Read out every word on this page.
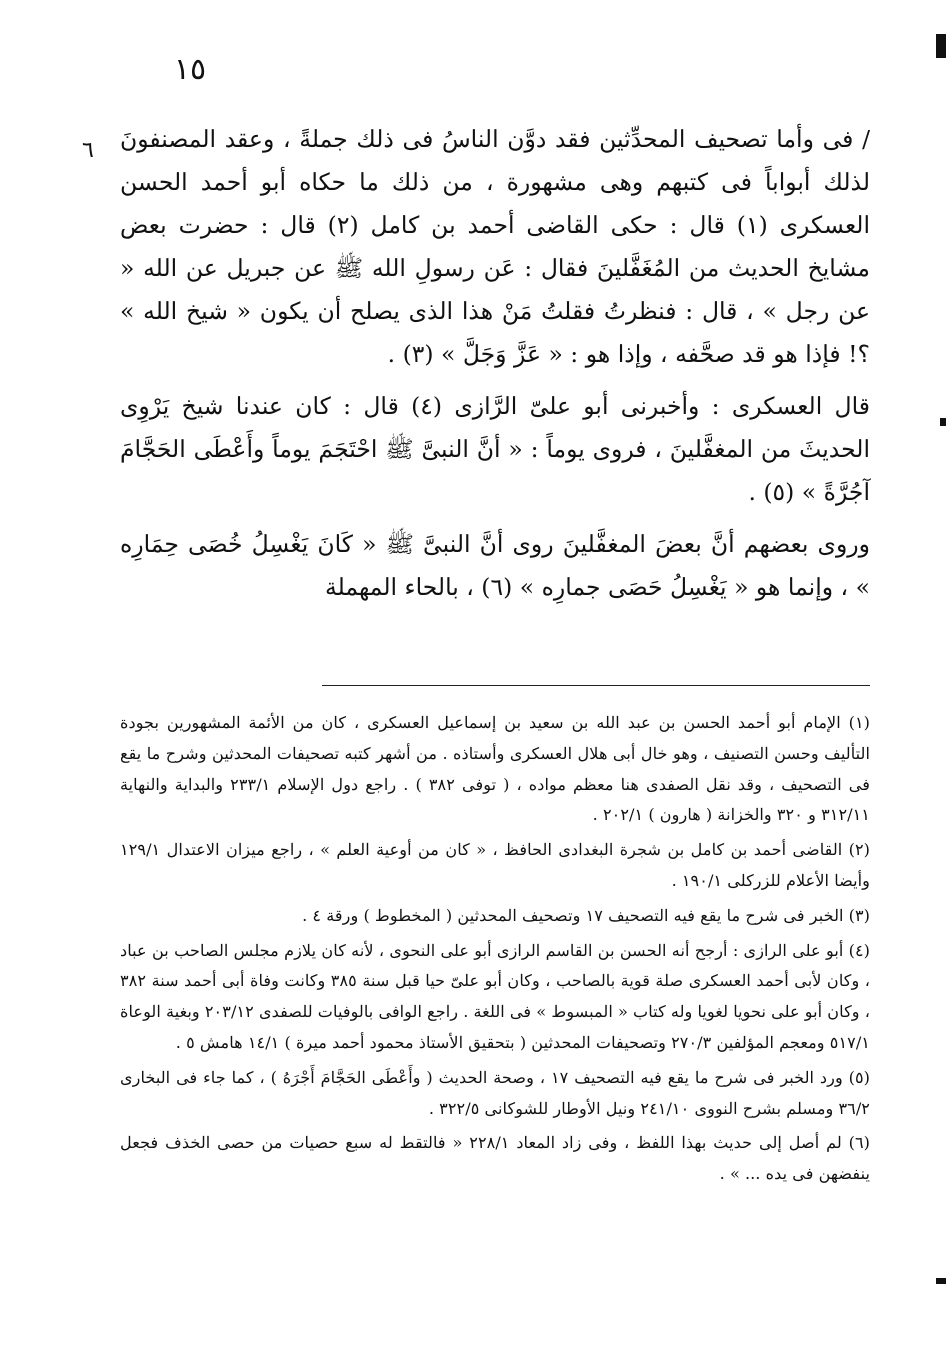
١٥
٦ / فى وأما تصحيف المحدِّثين فقد دوَّن الناسُ فى ذلك جملةً ، وعقد المصنفونَ لذلك أبواباً فى كتبهم وهى مشهورة ، من ذلك ما حكاه أبو أحمد الحسن العسكرى (١) قال : حكى القاضى أحمد بن كامل (٢) قال : حضرت بعض مشايخ الحديث من المُغَفَّلينَ فقال : عَن رسولِ الله ﷺ عن جبريل عن الله « عن رجل » ، قال : فنظرتُ فقلتُ مَنْ هذا الذى يصلح أن يكون « شيخ الله » ؟! فإذا هو قد صحَّفه ، وإذا هو : « عَزَّ وَجَلَّ » (٣) .

قال العسكرى : وأخبرنى أبو علىّ الرَّازى (٤) قال : كان عندنا شيخ يَرْوِى الحديثَ من المغفَّلينَ ، فروى يوماً : « أنَّ النبىَّ ﷺ احْتَجَمَ يوماً وأَعْطَى الحَجَّامَ آجُرَّةً » (٥) .

وروى بعضهم أنَّ بعضَ المغفَّلينَ روى أنَّ النبىَّ ﷺ « كَانَ يَغْسِلُ خُصَى حِمَارِه » ، وإنما هو « يَغْسِلُ حَصَى جمارِه » (٦) ، بالحاء المهملة

(١) الإمام أبو أحمد الحسن بن عبد الله بن سعيد بن إسماعيل العسكرى ، كان من الأئمة المشهورين بجودة التأليف وحسن التصنيف ، وهو خال أبى هلال العسكرى وأستاذه . من أشهر كتبه تصحيفات المحدثين وشرح ما يقع فى التصحيف ، وقد نقل الصفدى هنا معظم مواده ، ( توفى ٣٨٢ ) . راجع دول الإسلام ٢٣٣/١ والبداية والنهاية ٣١٢/١١ و ٣٢٠ والخزانة ( هارون ) ٢٠٢/١ .

(٢) القاضى أحمد بن كامل بن شجرة البغدادى الحافظ ، « كان من أوعية العلم » ، راجع ميزان الاعتدال ١٢٩/١ وأيضا الأعلام للزركلى ١٩٠/١ .

(٣) الخبر فى شرح ما يقع فيه التصحيف ١٧ وتصحيف المحدثين ( المخطوط ) ورقة ٤ .

(٤) أبو على الرازى : أرجح أنه الحسن بن القاسم الرازى أبو على النحوى ، لأنه كان يلازم مجلس الصاحب بن عباد ، وكان لأبى أحمد العسكرى صلة قوية بالصاحب ، وكان أبو علىّ حيا قبل سنة ٣٨٥ وكانت وفاة أبى أحمد سنة ٣٨٢ ، وكان أبو على نحويا لغويا وله كتاب « المبسوط » فى اللغة . راجع الوافى بالوفيات للصفدى ٢٠٣/١٢ وبغية الوعاة ٥١٧/١ ومعجم المؤلفين ٢٧٠/٣ وتصحيفات المحدثين ( بتحقيق الأستاذ محمود أحمد ميرة ) ١٤/١ هامش ٥ .

(٥) ورد الخبر فى شرح ما يقع فيه التصحيف ١٧ ، وصحة الحديث ( وأَعْطَى الحَجَّامَ أَجْرَهُ ) ، كما جاء فى البخارى ٣٦/٢ ومسلم بشرح النووى ٢٤١/١٠ ونيل الأوطار للشوكانى ٣٢٢/٥ .

(٦) لم أصل إلى حديث بهذا اللفظ ، وفى زاد المعاد ٢٢٨/١ « فالتقط له سبع حصيات من حصى الخذف فجعل ينفضهن فى يده ... » .
